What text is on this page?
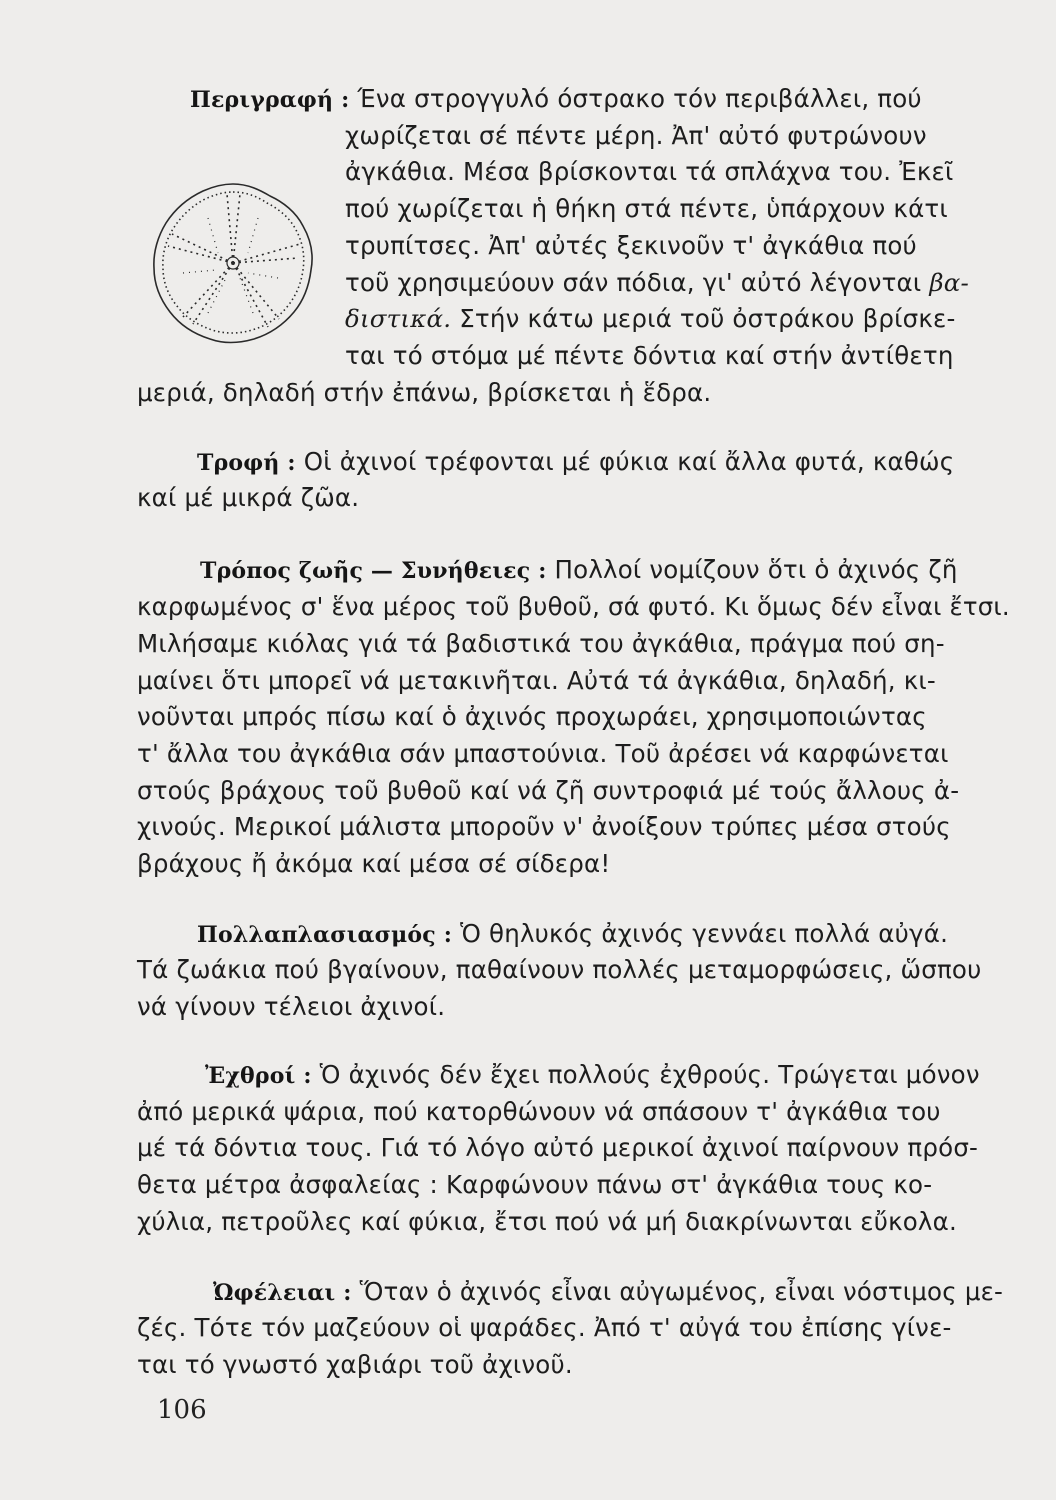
Περιγραφή : Ένα στρογγυλό όστρακο τόν περιβάλλει, πού
χωρίζεται σέ πέντε μέρη. Ἀπ' αὐτό φυτρώνουν
ἀγκάθια. Μέσα βρίσκονται τά σπλάχνα του. Ἐκεῖ
πού χωρίζεται ἡ θήκη στά πέντε, ὑπάρχουν κάτι
τρυπίτσες. Ἀπ' αὐτές ξεκινοῦν τ' ἀγκάθια πού
τοῦ χρησιμεύουν σάν πόδια, γι' αὐτό λέγονται βα-
διστικά. Στήν κάτω μεριά τοῦ ὀστράκου βρίσκε-
ται τό στόμα μέ πέντε δόντια καί στήν ἀντίθετη
μεριά, δηλαδή στήν ἐπάνω, βρίσκεται ἡ ἕδρα.
Τροφή : Οἱ ἀχινοί τρέφονται μέ φύκια καί ἄλλα φυτά, καθώς
καί μέ μικρά ζῶα.
Τρόπος ζωῆς — Συνήθειες : Πολλοί νομίζουν ὅτι ὁ ἀχινός ζῆ
καρφωμένος σ' ἕνα μέρος τοῦ βυθοῦ, σά φυτό. Κι ὅμως δέν εἶναι ἔτσι.
Μιλήσαμε κιόλας γιά τά βαδιστικά του ἀγκάθια, πράγμα πού ση-
μαίνει ὅτι μπορεῖ νά μετακινῆται. Αὐτά τά ἀγκάθια, δηλαδή, κι-
νοῦνται μπρός πίσω καί ὁ ἀχινός προχωράει, χρησιμοποιώντας
τ' ἄλλα του ἀγκάθια σάν μπαστούνια. Τοῦ ἀρέσει νά καρφώνεται
στούς βράχους τοῦ βυθοῦ καί νά ζῆ συντροφιά μέ τούς ἄλλους ἀ-
χινούς. Μερικοί μάλιστα μποροῦν ν' ἀνοίξουν τρύπες μέσα στούς
βράχους ἤ ἀκόμα καί μέσα σέ σίδερα!
Πολλαπλασιασμός : Ὁ θηλυκός ἀχινός γεννάει πολλά αὐγά.
Τά ζωάκια πού βγαίνουν, παθαίνουν πολλές μεταμορφώσεις, ὥσπου
νά γίνουν τέλειοι ἀχινοί.
Ἐχθροί : Ὁ ἀχινός δέν ἔχει πολλούς ἐχθρούς. Τρώγεται μόνον
ἀπό μερικά ψάρια, πού κατορθώνουν νά σπάσουν τ' ἀγκάθια του
μέ τά δόντια τους. Γιά τό λόγο αὐτό μερικοί ἀχινοί παίρνουν πρόσ-
θετα μέτρα ἀσφαλείας : Καρφώνουν πάνω στ' ἀγκάθια τους κο-
χύλια, πετροῦλες καί φύκια, ἔτσι πού νά μή διακρίνωνται εὔκολα.
Ὠφέλειαι : Ὅταν ὁ ἀχινός εἶναι αὐγωμένος, εἶναι νόστιμος με-
ζές. Τότε τόν μαζεύουν οἱ ψαράδες. Ἀπό τ' αὐγά του ἐπίσης γίνε-
ται τό γνωστό χαβιάρι τοῦ ἀχινοῦ.
106
